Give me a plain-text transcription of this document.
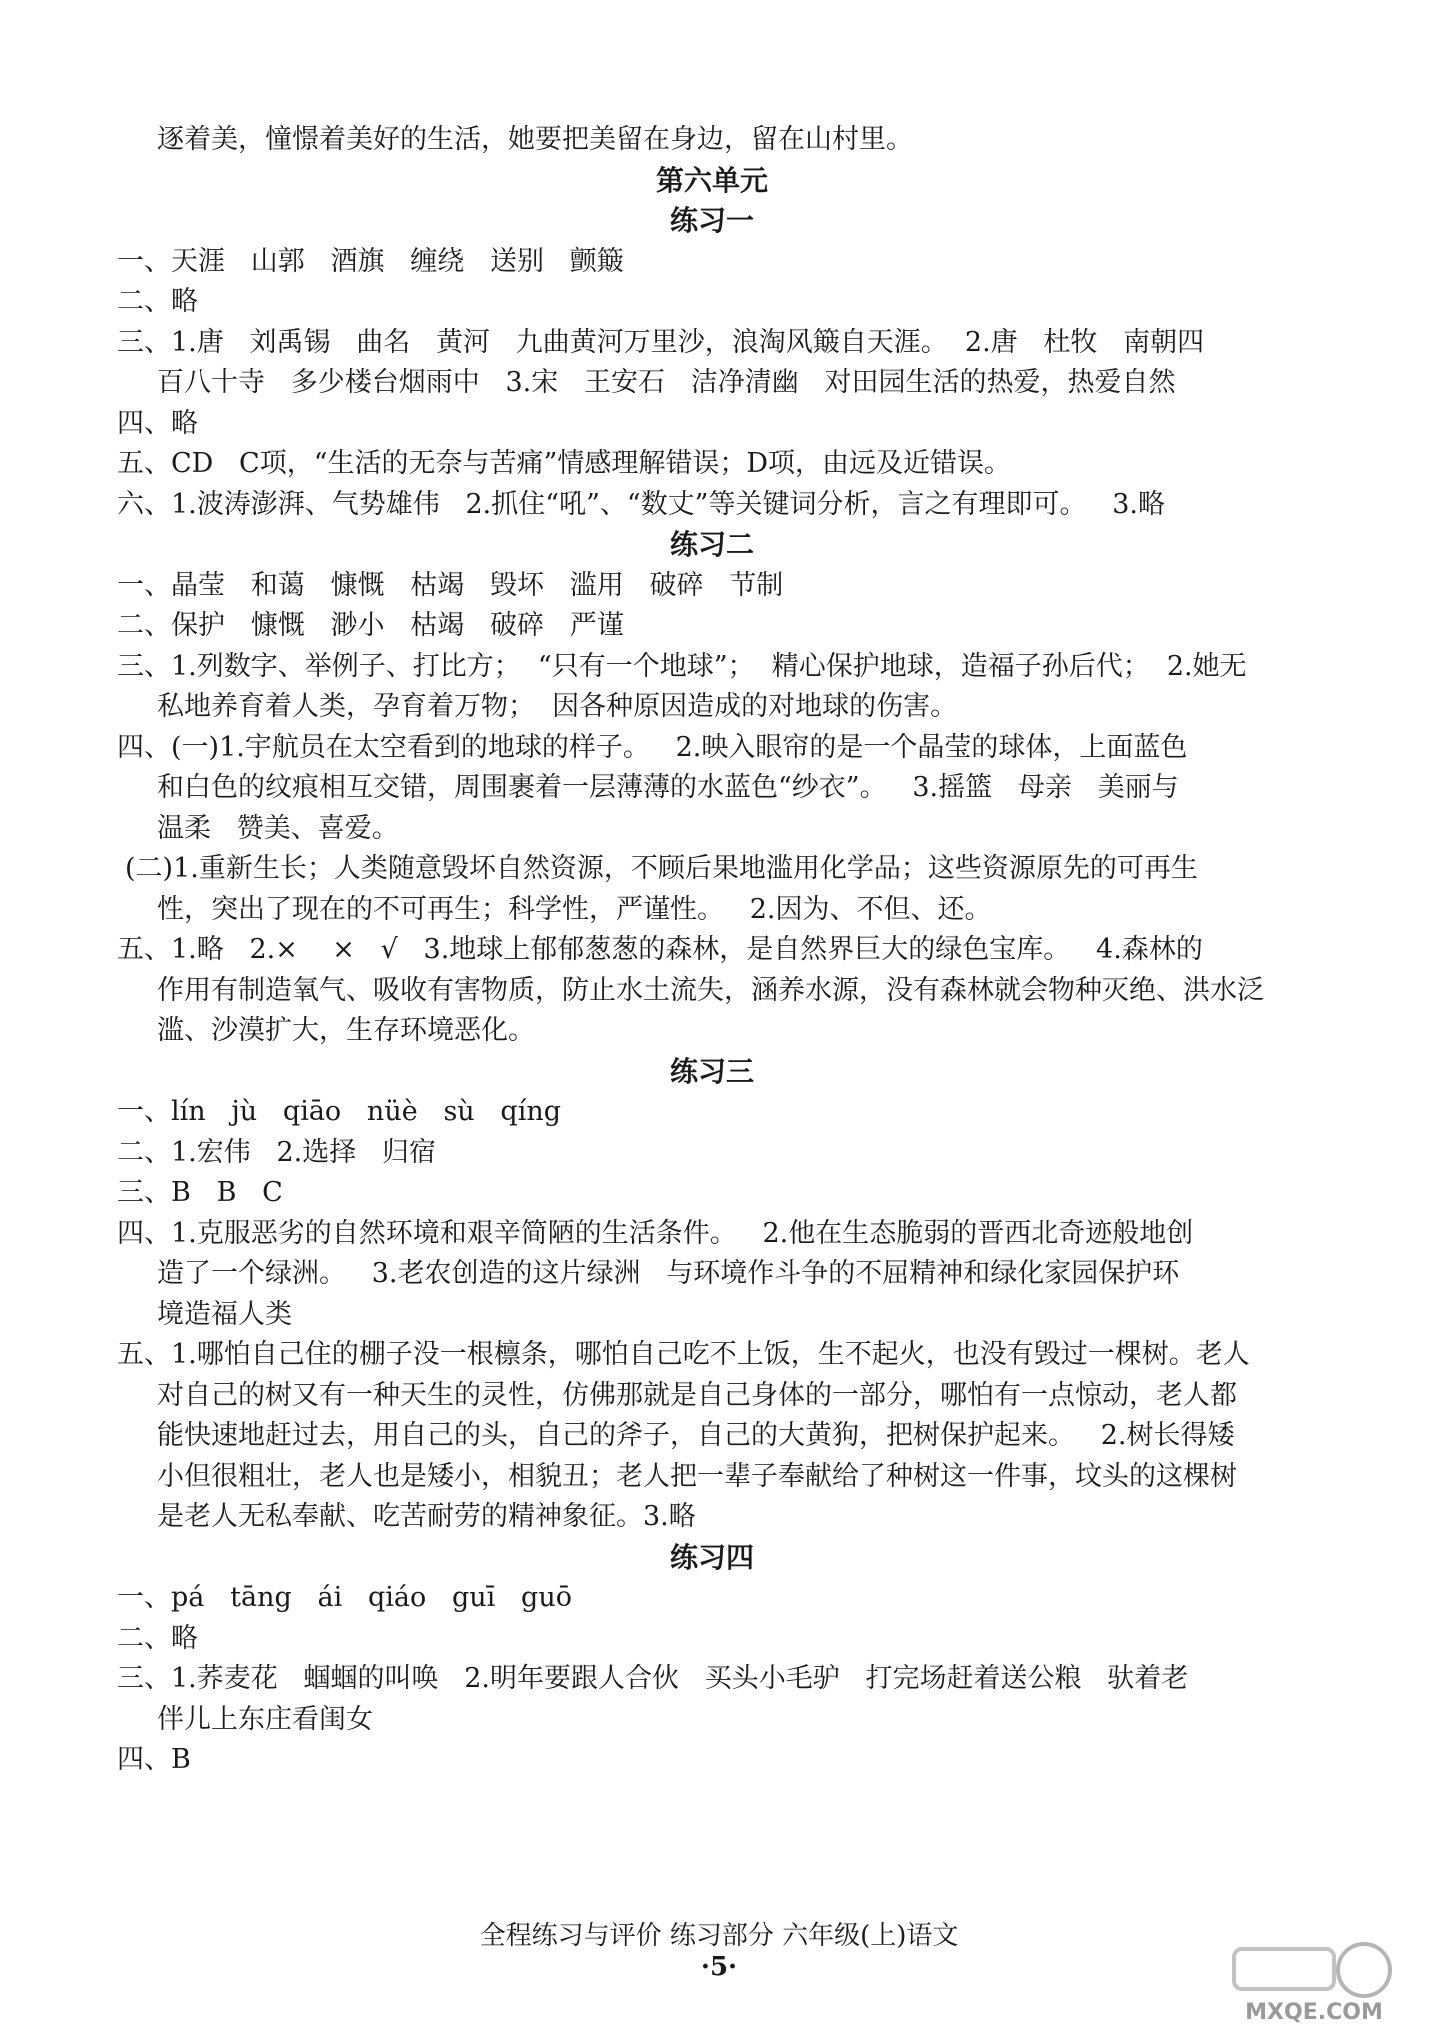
逐着美，憧憬着美好的生活，她要把美留在身边，留在山村里。
第六单元
练习一
一、天涯   山郭   酒旗   缠绕   送别   颤簸
二、略
三、1.唐   刘禹锡   曲名   黄河   九曲黄河万里沙，浪淘风簸自天涯。  2.唐   杜牧   南朝四
百八十寺   多少楼台烟雨中   3.宋   王安石   洁净清幽   对田园生活的热爱，热爱自然
四、略
五、CD   C项，“生活的无奈与苦痛”情感理解错误；D项，由远及近错误。
六、1.波涛澎湃、气势雄伟   2.抓住“吼”、“数丈”等关键词分析，言之有理即可。   3.略
练习二
一、晶莹   和蔼   慷慨   枯竭   毁坏   滥用   破碎   节制
二、保护   慷慨   渺小   枯竭   破碎   严谨
三、1.列数字、举例子、打比方；  “只有一个地球”；  精心保护地球，造福子孙后代；  2.她无
私地养育着人类，孕育着万物；  因各种原因造成的对地球的伤害。
四、(一)1.宇航员在太空看到的地球的样子。   2.映入眼帘的是一个晶莹的球体，上面蓝色
和白色的纹痕相互交错，周围裹着一层薄薄的水蓝色“纱衣”。   3.摇篮   母亲   美丽与
温柔   赞美、喜爱。
(二)1.重新生长；人类随意毁坏自然资源，不顾后果地滥用化学品；这些资源原先的可再生
性，突出了现在的不可再生；科学性，严谨性。   2.因为、不但、还。
五、1.略   2.×    ×   √   3.地球上郁郁葱葱的森林，是自然界巨大的绿色宝库。   4.森林的
作用有制造氧气、吸收有害物质，防止水土流失，涵养水源，没有森林就会物种灭绝、洪水泛
滥、沙漠扩大，生存环境恶化。
练习三
一、lín   jù   qiāo   nüè   sù   qíng
二、1.宏伟   2.选择   归宿
三、B   B   C
四、1.克服恶劣的自然环境和艰辛简陋的生活条件。   2.他在生态脆弱的晋西北奇迹般地创
造了一个绿洲。   3.老农创造的这片绿洲   与环境作斗争的不屈精神和绿化家园保护环
境造福人类
五、1.哪怕自己住的棚子没一根檩条，哪怕自己吃不上饭，生不起火，也没有毁过一棵树。老人
对自己的树又有一种天生的灵性，仿佛那就是自己身体的一部分，哪怕有一点惊动，老人都
能快速地赶过去，用自己的头，自己的斧子，自己的大黄狗，把树保护起来。   2.树长得矮
小但很粗壮，老人也是矮小，相貌丑；老人把一辈子奉献给了种树这一件事，坟头的这棵树
是老人无私奉献、吃苦耐劳的精神象征。3.略
练习四
一、pá   tāng   ái   qiáo   guī   guō
二、略
三、1.荞麦花   蝈蝈的叫唤   2.明年要跟人合伙   买头小毛驴   打完场赶着送公粮   驮着老
伴儿上东庄看闺女
四、B
全程练习与评价 练习部分 六年级(上)语文
·5·
MXQE.COM
